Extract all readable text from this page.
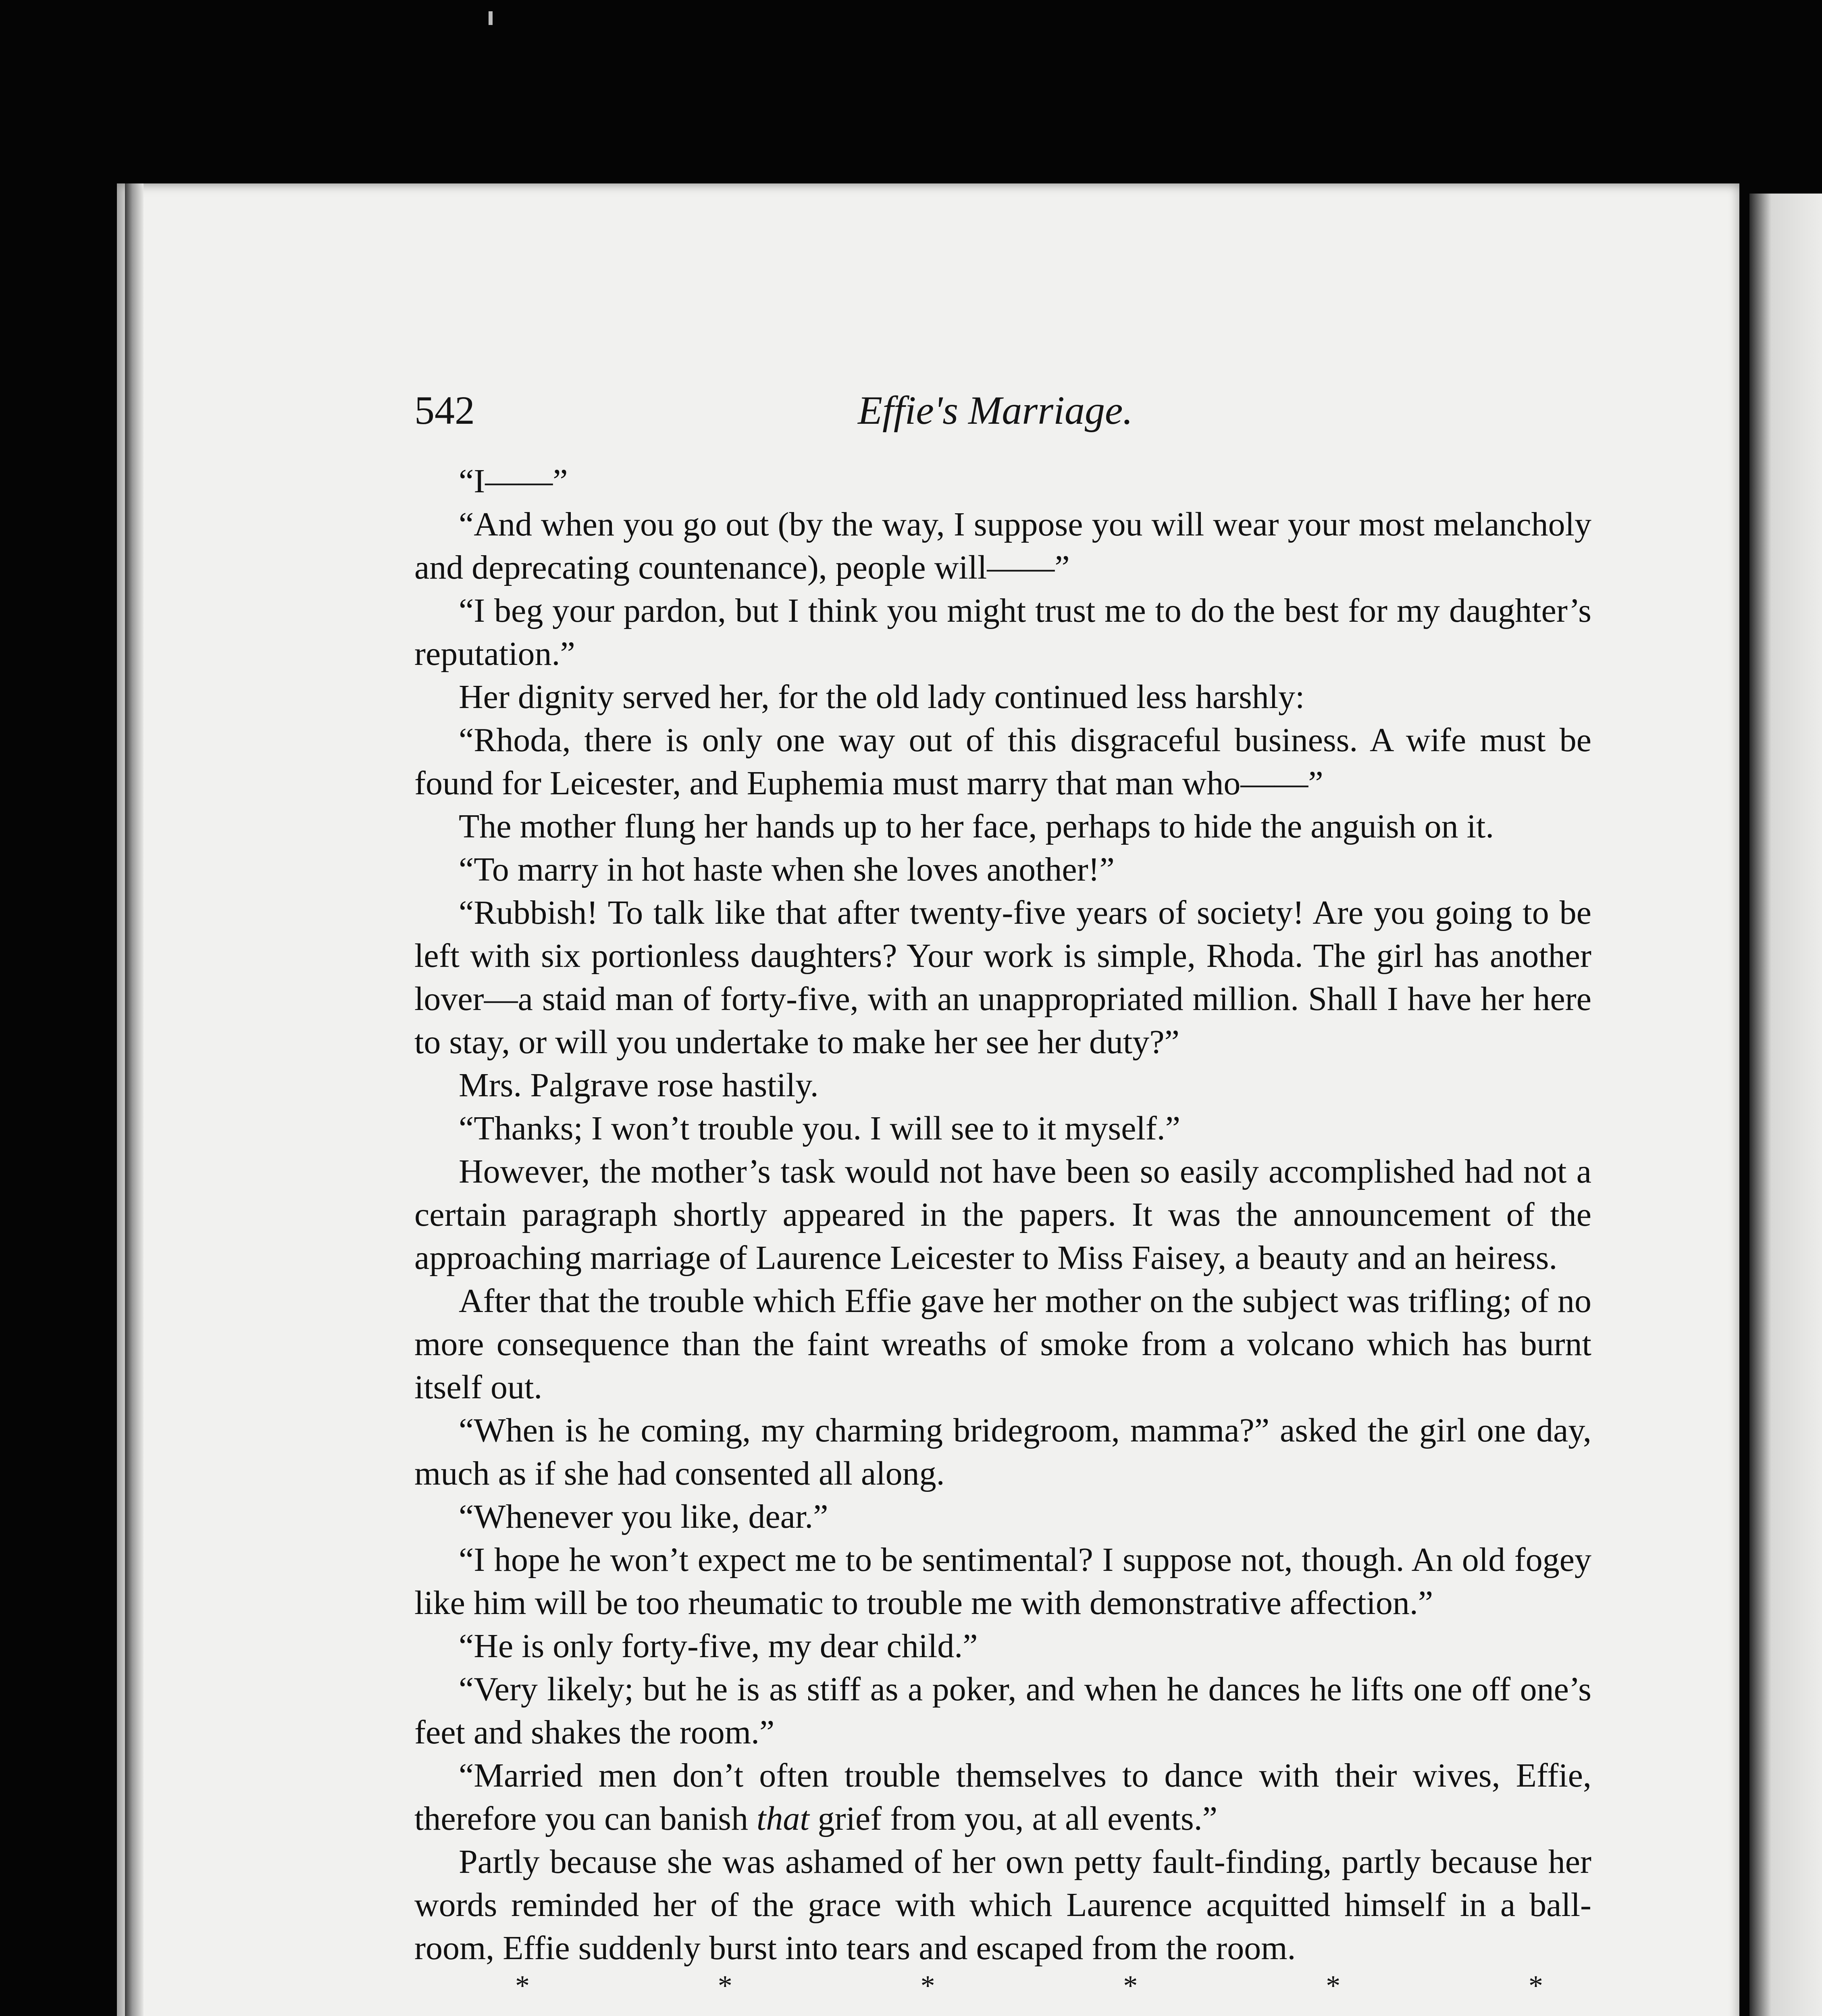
542	Effie's Marriage.

“I——”

“And when you go out (by the way, I suppose you will wear your most melancholy and deprecating countenance), people will——”

“I beg your pardon, but I think you might trust me to do the best for my daughter’s reputation.”

Her dignity served her, for the old lady continued less harshly:

“Rhoda, there is only one way out of this disgraceful business. A wife must be found for Leicester, and Euphemia must marry that man who——”

The mother flung her hands up to her face, perhaps to hide the anguish on it.

“To marry in hot haste when she loves another!”

“Rubbish! To talk like that after twenty-five years of society! Are you going to be left with six portionless daughters? Your work is simple, Rhoda. The girl has another lover—a staid man of forty-five, with an unappropriated million. Shall I have her here to stay, or will you undertake to make her see her duty?”

Mrs. Palgrave rose hastily.

“Thanks; I won’t trouble you. I will see to it myself.”

However, the mother’s task would not have been so easily accomplished had not a certain paragraph shortly appeared in the papers. It was the announcement of the approaching marriage of Laurence Leicester to Miss Faisey, a beauty and an heiress.

After that the trouble which Effie gave her mother on the subject was trifling; of no more consequence than the faint wreaths of smoke from a volcano which has burnt itself out.

“When is he coming, my charming bridegroom, mamma?” asked the girl one day, much as if she had consented all along.

“Whenever you like, dear.”

“I hope he won’t expect me to be sentimental? I suppose not, though. An old fogey like him will be too rheumatic to trouble me with demonstrative affection.”

“He is only forty-five, my dear child.”

“Very likely; but he is as stiff as a poker, and when he dances he lifts one off one’s feet and shakes the room.”

“Married men don’t often trouble themselves to dance with their wives, Effie, therefore you can banish that grief from you, at all events.”

Partly because she was ashamed of her own petty fault-finding, partly because her words reminded her of the grace with which Laurence acquitted himself in a ball-room, Effie suddenly burst into tears and escaped from the room.

*	*	*	*	*	*
